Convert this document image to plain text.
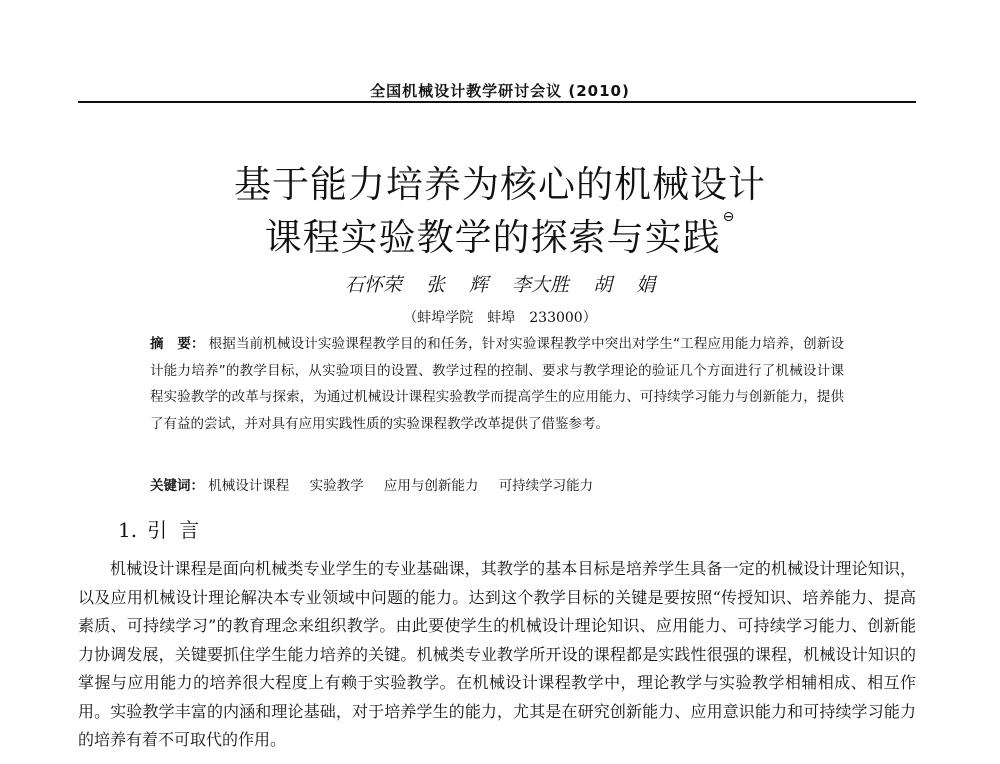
全国机械设计教学研讨会议 (2010)
基于能力培养为核心的机械设计
课程实验教学的探索与实践 ⊖
石怀荣 张 辉 李大胜 胡 娟
（蚌埠学院　蚌埠　233000）
摘　要： 根据当前机械设计实验课程教学目的和任务，针对实验课程教学中突出对学生“工程应用能力培养，创新设计能力培养”的教学目标，从实验项目的设置、教学过程的控制、要求与教学理论的验证几个方面进行了机械设计课程实验教学的改革与探索，为通过机械设计课程实验教学而提高学生的应用能力、可持续学习能力与创新能力，提供了有益的尝试，并对具有应用实践性质的实验课程教学改革提供了借鉴参考。
关键词： 机械设计课程 实验教学 应用与创新能力 可持续学习能力
1. 引言

机械设计课程是面向机械类专业学生的专业基础课，其教学的基本目标是培养学生具备一定的机械设计理论知识，以及应用机械设计理论解决本专业领域中问题的能力。达到这个教学目标的关键是要按照“传授知识、培养能力、提高素质、可持续学习”的教育理念来组织教学。由此要使学生的机械设计理论知识、应用能力、可持续学习能力、创新能力协调发展，关键要抓住学生能力培养的关键。机械类专业教学所开设的课程都是实践性很强的课程，机械设计知识的掌握与应用能力的培养很大程度上有赖于实验教学。在机械设计课程教学中，理论教学与实验教学相辅相成、相互作用。实验教学丰富的内涵和理论基础，对于培养学生的能力，尤其是在研究创新能力、应用意识能力和可持续学习能力的培养有着不可取代的作用。
